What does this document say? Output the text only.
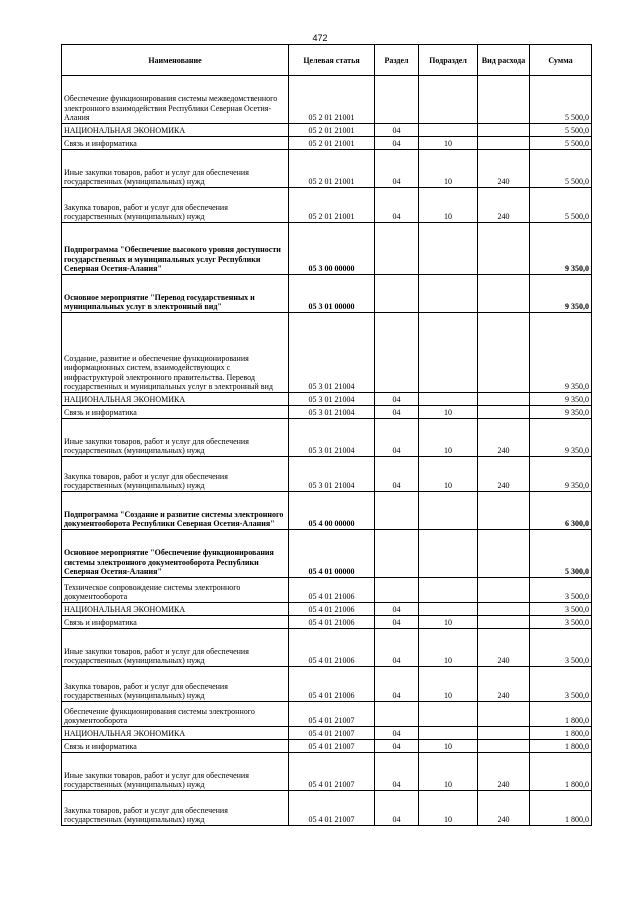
472
Наименование	Целевая статья	Раздел	Подраздел	Вид расхода	Сумма
Обеспечение функционирования системы межведомственного электронного взаимодействия Республики Северная Осетия-Алания	05 2 01 21001				5 500,0
НАЦИОНАЛЬНАЯ ЭКОНОМИКА	05 2 01 21001	04			5 500,0
Связь и информатика	05 2 01 21001	04	10		5 500,0
Иные закупки товаров, работ и услуг для обеспечения государственных (муниципальных) нужд	05 2 01 21001	04	10	240	5 500,0
Закупка товаров, работ и услуг для обеспечения государственных (муниципальных) нужд	05 2 01 21001	04	10	240	5 500,0
Подпрограмма "Обеспечение высокого уровня доступности государственных и муниципальных услуг Республики Северная Осетия-Алания"	05 3 00 00000				9 350,0
Основное мероприятие "Перевод государственных и муниципальных услуг в электронный вид"	05 3 01 00000				9 350,0
Создание, развитие и обеспечение функционирования информационных систем, взаимодействующих с инфраструктурой электронного правительства. Перевод государственных и муниципальных услуг в электронный вид	05 3 01 21004				9 350,0
НАЦИОНАЛЬНАЯ ЭКОНОМИКА	05 3 01 21004	04			9 350,0
Связь и информатика	05 3 01 21004	04	10		9 350,0
Иные закупки товаров, работ и услуг для обеспечения государственных (муниципальных) нужд	05 3 01 21004	04	10	240	9 350,0
Закупка товаров, работ и услуг для обеспечения государственных (муниципальных) нужд	05 3 01 21004	04	10	240	9 350,0
Подпрограмма "Создание и развитие системы электронного документооборота Республики Северная Осетия-Алания"	05 4 00 00000				6 300,0
Основное мероприятие "Обеспечение функционирования системы электронного документооборота Республики Северная Осетия-Алания"	05 4 01 00000				5 300,0
Техническое сопровождение системы электронного документооборота	05 4 01 21006				3 500,0
НАЦИОНАЛЬНАЯ ЭКОНОМИКА	05 4 01 21006	04			3 500,0
Связь и информатика	05 4 01 21006	04	10		3 500,0
Иные закупки товаров, работ и услуг для обеспечения государственных (муниципальных) нужд	05 4 01 21006	04	10	240	3 500,0
Закупка товаров, работ и услуг для обеспечения государственных (муниципальных) нужд	05 4 01 21006	04	10	240	3 500,0
Обеспечение функционирования системы электронного документооборота	05 4 01 21007				1 800,0
НАЦИОНАЛЬНАЯ ЭКОНОМИКА	05 4 01 21007	04			1 800,0
Связь и информатика	05 4 01 21007	04	10		1 800,0
Иные закупки товаров, работ и услуг для обеспечения государственных (муниципальных) нужд	05 4 01 21007	04	10	240	1 800,0
Закупка товаров, работ и услуг для обеспечения государственных (муниципальных) нужд	05 4 01 21007	04	10	240	1 800,0
